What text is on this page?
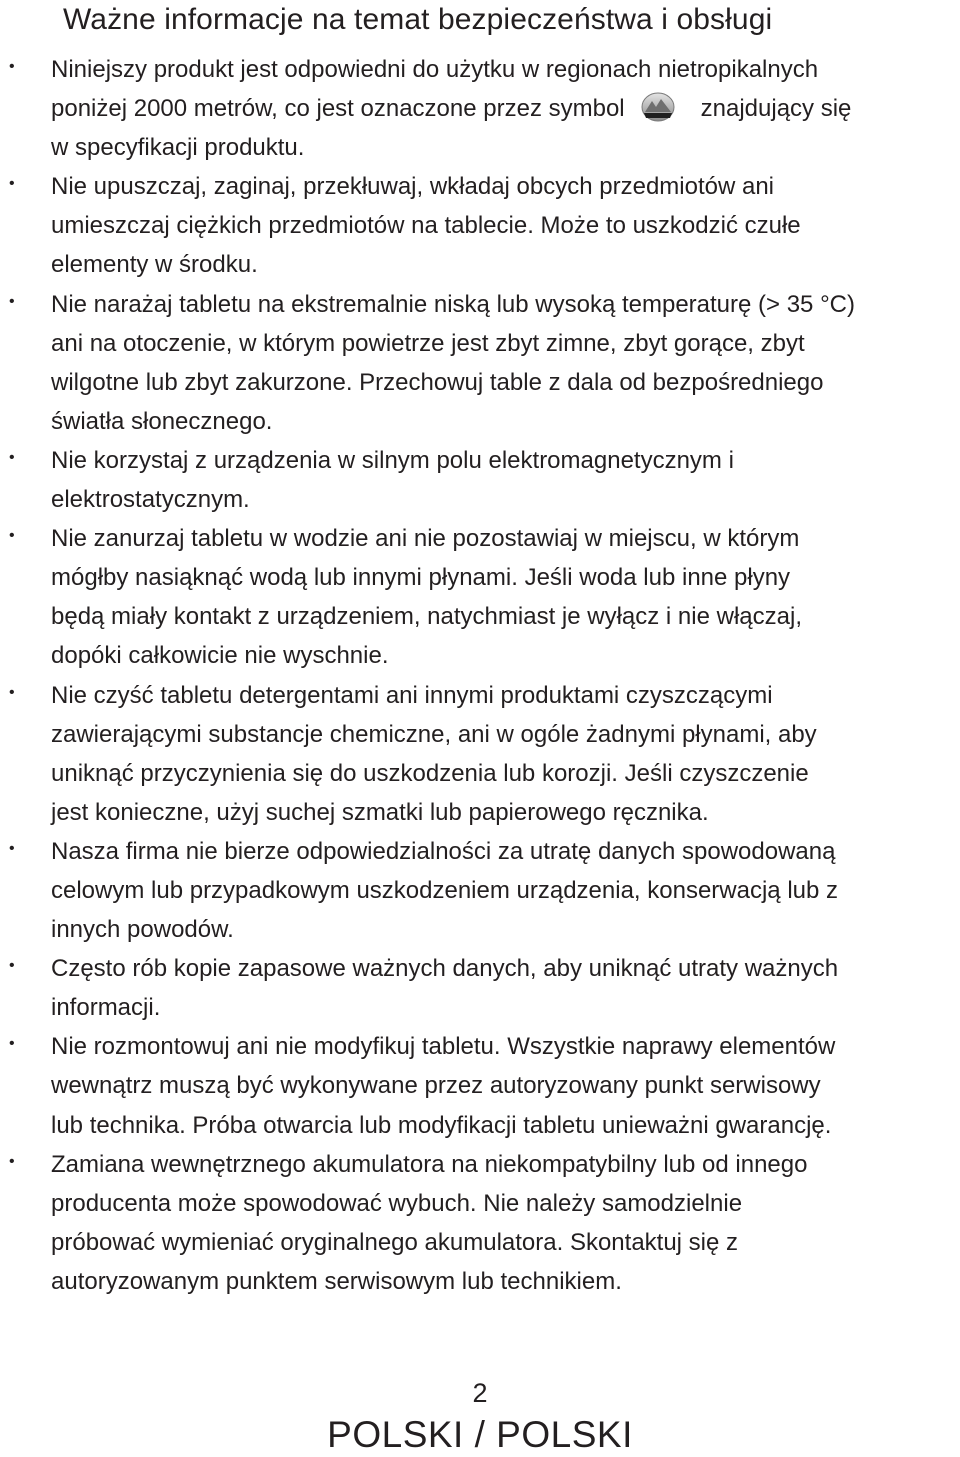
Ważne informacje na temat bezpieczeństwa i obsługi
• Niniejszy produkt jest odpowiedni do użytku w regionach nietropikalnych
poniżej 2000 metrów, co jest oznaczone przez symbol	znajdujący się
w specyfikacji produktu.
• Nie upuszczaj, zaginaj, przekłuwaj, wkładaj obcych przedmiotów ani
umieszczaj ciężkich przedmiotów na tablecie. Może to uszkodzić czułe
elementy w środku.
• Nie narażaj tabletu na ekstremalnie niską lub wysoką temperaturę (> 35 °C)
ani na otoczenie, w którym powietrze jest zbyt zimne, zbyt gorące, zbyt
wilgotne lub zbyt zakurzone. Przechowuj table z dala od bezpośredniego
światła słonecznego.
• Nie korzystaj z urządzenia w silnym polu elektromagnetycznym i
elektrostatycznym.
• Nie zanurzaj tabletu w wodzie ani nie pozostawiaj w miejscu, w którym
mógłby nasiąknąć wodą lub innymi płynami. Jeśli woda lub inne płyny
będą miały kontakt z urządzeniem, natychmiast je wyłącz i nie włączaj,
dopóki całkowicie nie wyschnie.
• Nie czyść tabletu detergentami ani innymi produktami czyszczącymi
zawierającymi substancje chemiczne, ani w ogóle żadnymi płynami, aby
uniknąć przyczynienia się do uszkodzenia lub korozji. Jeśli czyszczenie
jest konieczne, użyj suchej szmatki lub papierowego ręcznika.
• Nasza firma nie bierze odpowiedzialności za utratę danych spowodowaną
celowym lub przypadkowym uszkodzeniem urządzenia, konserwacją lub z
innych powodów.
• Często rób kopie zapasowe ważnych danych, aby uniknąć utraty ważnych
informacji.
• Nie rozmontowuj ani nie modyfikuj tabletu. Wszystkie naprawy elementów
wewnątrz muszą być wykonywane przez autoryzowany punkt serwisowy
lub technika. Próba otwarcia lub modyfikacji tabletu unieważni gwarancję.
• Zamiana wewnętrznego akumulatora na niekompatybilny lub od innego
producenta może spowodować wybuch. Nie należy samodzielnie
próbować wymieniać oryginalnego akumulatora. Skontaktuj się z
autoryzowanym punktem serwisowym lub technikiem.

2

POLSKI / POLSKI
